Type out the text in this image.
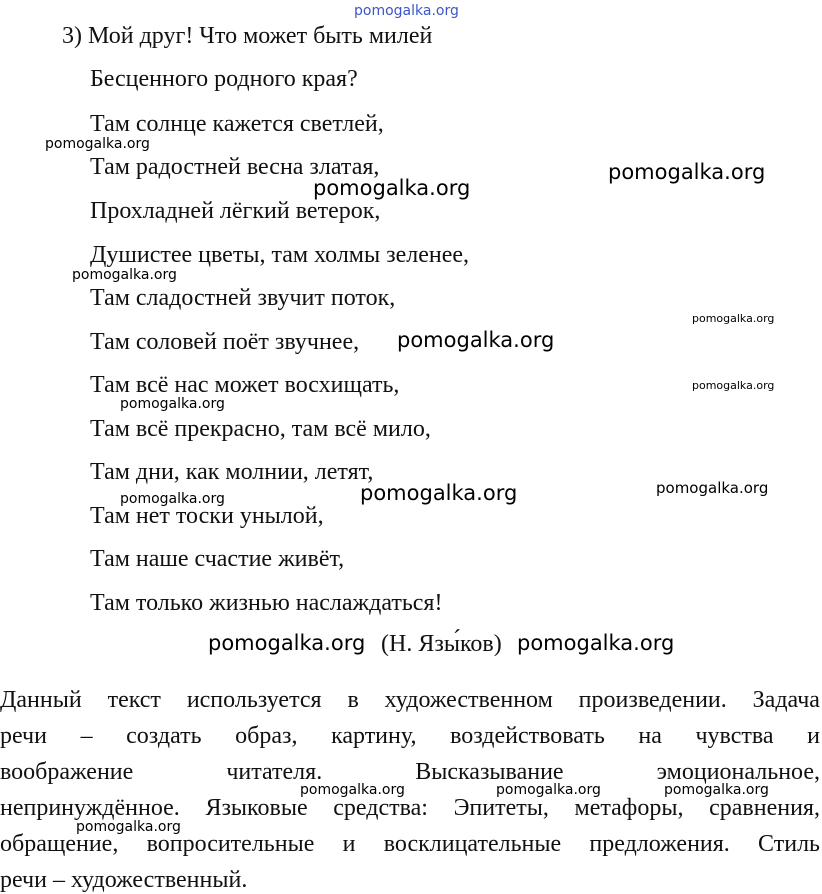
3) Мой друг! Что может быть милей
Бесценного родного края?
Там солнце кажется светлей,
Там радостней весна златая,
Прохладней лёгкий ветерок,
Душистее цветы, там холмы зеленее,
Там сладостней звучит поток,
Там соловей поёт звучнее,
Там всё нас может восхищать,
Там всё прекрасно, там всё мило,
Там дни, как молнии, летят,
Там нет тоски унылой,
Там наше счастие живёт,
Там только жизнью наслаждаться!
(Н. Язы́ков)
Данный текст используется в художественном произведении. Задача
речи – создать образ, картину, воздействовать на чувства и
воображение	читателя.	Высказывание	эмоциональное,
непринуждённое. Языковые средства: Эпитеты, метафоры, сравнения,
обращение, вопросительные и восклицательные предложения. Стиль
речи – художественный.
pomogalka.org
pomogalka.org
pomogalka.org
pomogalka.org
pomogalka.org
pomogalka.org
pomogalka.org
pomogalka.org
pomogalka.org
pomogalka.org
pomogalka.org
pomogalka.org
pomogalka.org	pomogalka.org
pomogalka.org	pomogalka.org	pomogalka.org
pomogalka.org
